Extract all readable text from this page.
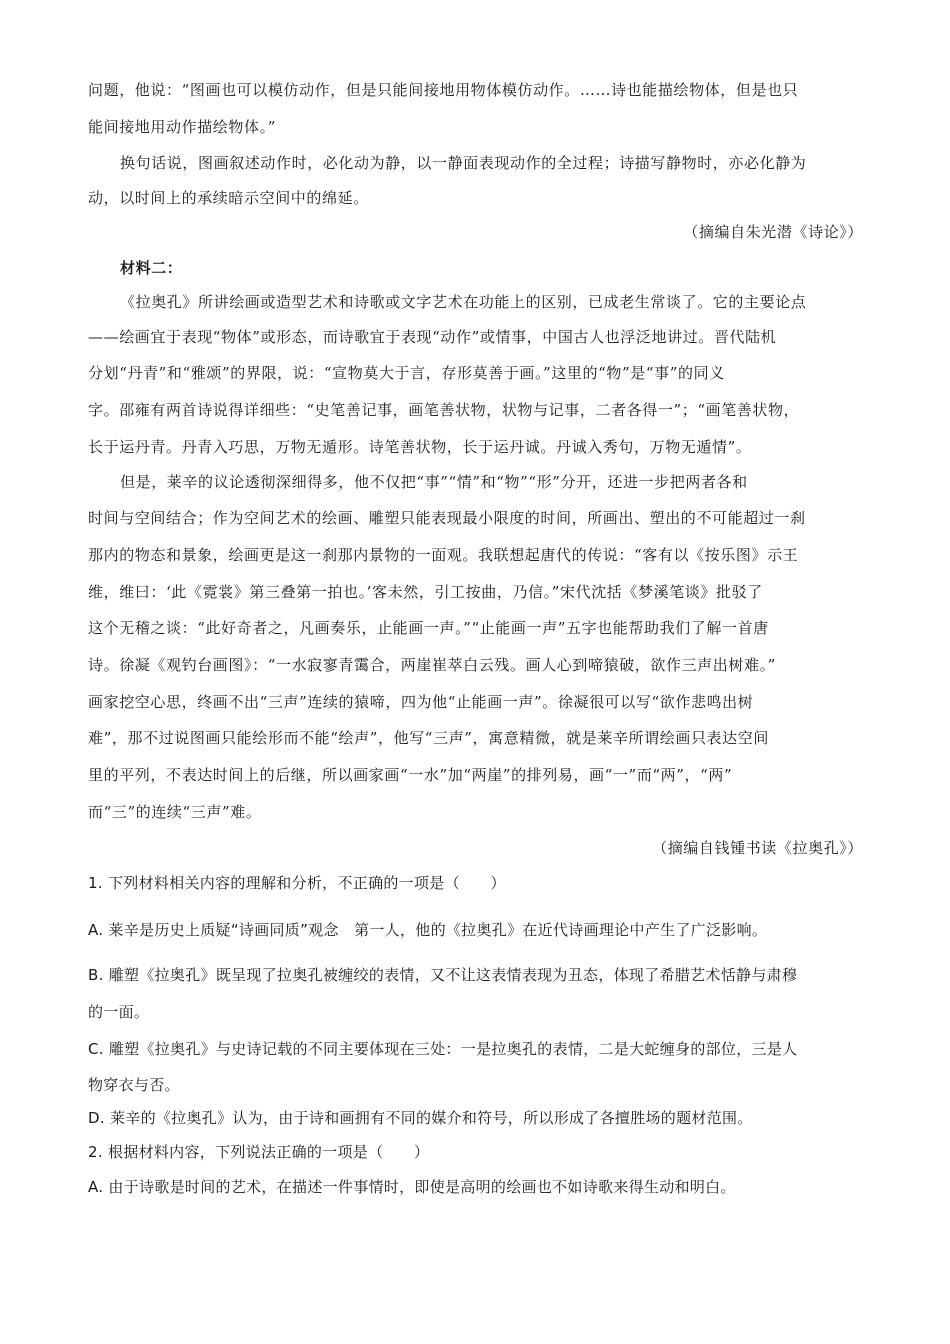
问题，他说：“图画也可以模仿动作，但是只能间接地用物体模仿动作。……诗也能描绘物体，但是也只
能间接地用动作描绘物体。”
换句话说，图画叙述动作时，必化动为静，以一静面表现动作的全过程；诗描写静物时，亦必化静为
动，以时间上的承续暗示空间中的绵延。
（摘编自朱光潜《诗论》）
材料二：
《拉奥孔》所讲绘画或造型艺术和诗歌或文字艺术在功能上的区别，已成老生常谈了。它的主要论点
——绘画宜于表现“物体”或形态，而诗歌宜于表现“动作”或情事，中国古人也浮泛地讲过。晋代陆机
分划“丹青”和“雅颂”的界限，说：“宣物莫大于言，存形莫善于画。”这里的“物”是“事”的同义
字。邵雍有两首诗说得详细些：“史笔善记事，画笔善状物，状物与记事，二者各得一”；“画笔善状物，
长于运丹青。丹青入巧思，万物无遁形。诗笔善状物，长于运丹诚。丹诚入秀句，万物无遁情”。
但是，莱辛的议论透彻深细得多，他不仅把“事”“情”和“物”“形”分开，还进一步把两者各和
时间与空间结合；作为空间艺术的绘画、雕塑只能表现最小限度的时间，所画出、塑出的不可能超过一刹
那内的物态和景象，绘画更是这一刹那内景物的一面观。我联想起唐代的传说：“客有以《按乐图》示王
维，维曰：‘此《霓裳》第三叠第一拍也。’客未然，引工按曲，乃信。”宋代沈括《梦溪笔谈》批驳了
这个无稽之谈：“此好奇者之，凡画奏乐，止能画一声。”“止能画一声”五字也能帮助我们了解一首唐
诗。徐凝《观钓台画图》：“一水寂寥青霭合，两崖崔萃白云残。画人心到啼猿破，欲作三声出树难。”
画家挖空心思，终画不出“三声”连续的猿啼，四为他“止能画一声”。徐凝很可以写“欲作悲鸣出树
难”，那不过说图画只能绘形而不能“绘声”，他写“三声”，寓意精微，就是莱辛所谓绘画只表达空间
里的平列，不表达时间上的后继，所以画家画“一水”加“两崖”的排列易，画“一”而“两”，“两”
而“三”的连续“三声”难。
（摘编自钱锺书读《拉奥孔》）
1. 下列材料相关内容的理解和分析，不正确的一项是（　　）
A. 莱辛是历史上质疑“诗画同质”观念　第一人，他的《拉奥孔》在近代诗画理论中产生了广泛影响。
B. 雕塑《拉奥孔》既呈现了拉奥孔被缠绞的表情，又不让这表情表现为丑态，体现了希腊艺术恬静与肃穆
的一面。
C. 雕塑《拉奥孔》与史诗记载的不同主要体现在三处：一是拉奥孔的表情，二是大蛇缠身的部位，三是人
物穿衣与否。
D. 莱辛的《拉奥孔》认为，由于诗和画拥有不同的媒介和符号，所以形成了各擅胜场的题材范围。
2. 根据材料内容，下列说法正确的一项是（　　）
A. 由于诗歌是时间的艺术，在描述一件事情时，即使是高明的绘画也不如诗歌来得生动和明白。
